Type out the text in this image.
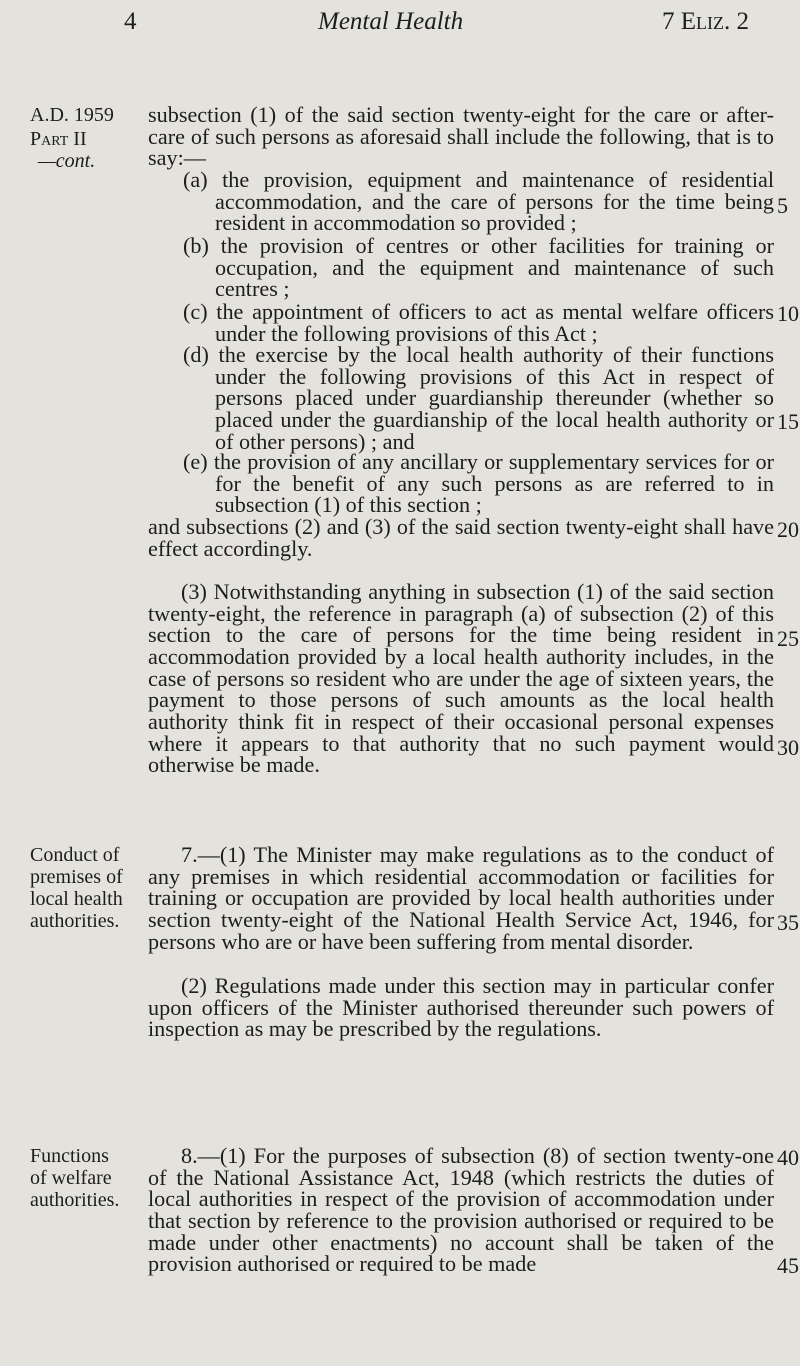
4	Mental Health	7 Eliz. 2
A.D. 1959
Part II
—cont.
Conduct of premises of local health authorities.
Functions of welfare authorities.

subsection (1) of the said section twenty-eight for the care or after-care of such persons as aforesaid shall include the following, that is to say:—

(a) the provision, equipment and maintenance of residential accommodation, and the care of persons for the time being resident in accommodation so provided ;

(b) the provision of centres or other facilities for training or occupation, and the equipment and maintenance of such centres ;

(c) the appointment of officers to act as mental welfare officers under the following provisions of this Act ;

(d) the exercise by the local health authority of their functions under the following provisions of this Act in respect of persons placed under guardianship thereunder (whether so placed under the guardianship of the local health authority or of other persons) ; and

(e) the provision of any ancillary or supplementary services for or for the benefit of any such persons as are referred to in subsection (1) of this section ;

and subsections (2) and (3) of the said section twenty-eight shall have effect accordingly.

(3) Notwithstanding anything in subsection (1) of the said section twenty-eight, the reference in paragraph (a) of subsection (2) of this section to the care of persons for the time being resident in accommodation provided by a local health authority includes, in the case of persons so resident who are under the age of sixteen years, the payment to those persons of such amounts as the local health authority think fit in respect of their occasional personal expenses where it appears to that authority that no such payment would otherwise be made.

7.—(1) The Minister may make regulations as to the conduct of any premises in which residential accommodation or facilities for training or occupation are provided by local health authorities under section twenty-eight of the National Health Service Act, 1946, for persons who are or have been suffering from mental disorder.

(2) Regulations made under this section may in particular confer upon officers of the Minister authorised thereunder such powers of inspection as may be prescribed by the regulations.

8.—(1) For the purposes of subsection (8) of section twenty-one of the National Assistance Act, 1948 (which restricts the duties of local authorities in respect of the provision of accommodation under that section by reference to the provision authorised or required to be made under other enactments) no account shall be taken of the provision authorised or required to be made

5
10
15
20
25
30
35
40
45
